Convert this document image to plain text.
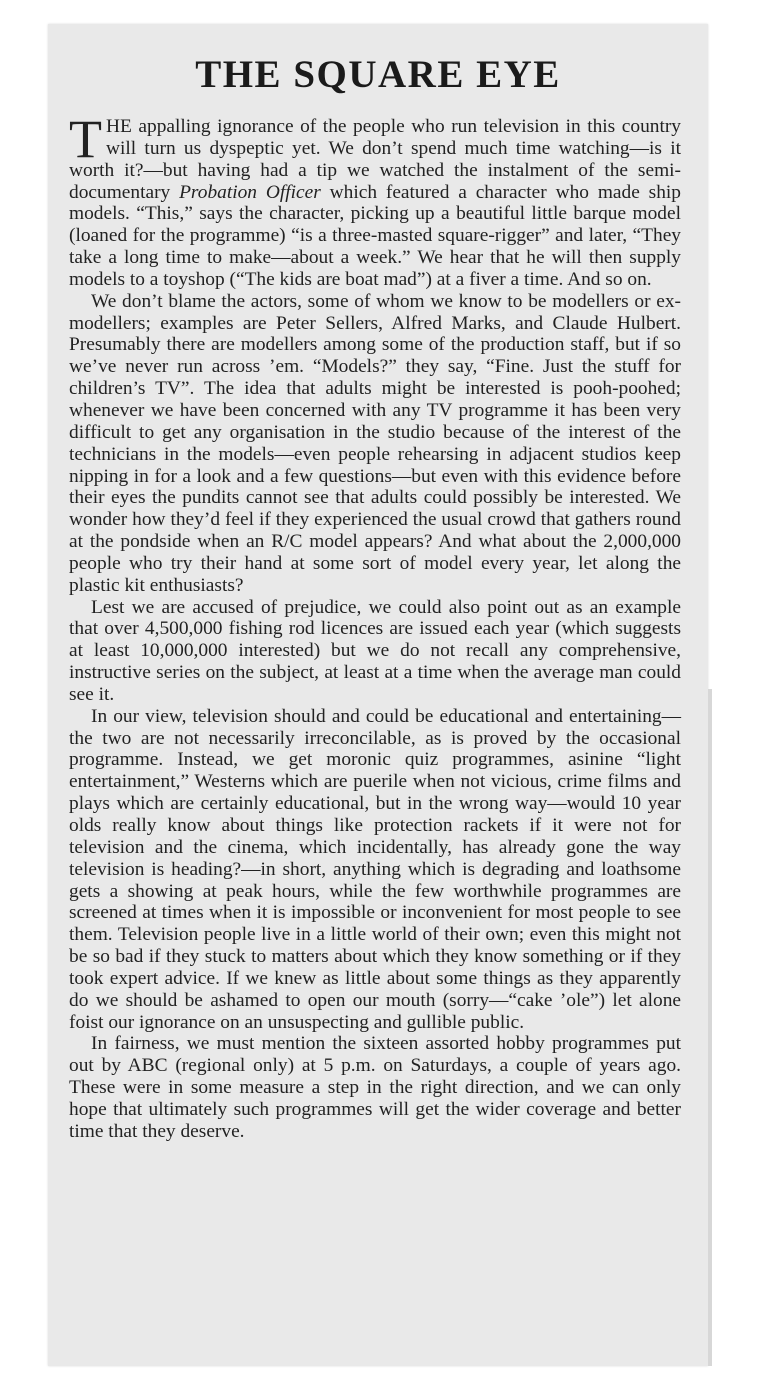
THE SQUARE EYE

THE appalling ignorance of the people who run television in this country will turn us dyspeptic yet. We don’t spend much time watching—is it worth it?—but having had a tip we watched the instalment of the semi-documentary Probation Officer which featured a character who made ship models. “This,” says the character, picking up a beautiful little barque model (loaned for the programme) “is a three-masted square-rigger” and later, “They take a long time to make—about a week.” We hear that he will then supply models to a toyshop (“The kids are boat mad”) at a fiver a time. And so on.

We don’t blame the actors, some of whom we know to be modellers or ex-modellers; examples are Peter Sellers, Alfred Marks, and Claude Hulbert. Presumably there are modellers among some of the production staff, but if so we’ve never run across ’em. “Models?” they say, “Fine. Just the stuff for children’s TV”. The idea that adults might be interested is pooh-poohed; whenever we have been concerned with any TV programme it has been very difficult to get any organisation in the studio because of the interest of the technicians in the models—even people rehearsing in adjacent studios keep nipping in for a look and a few questions—but even with this evidence before their eyes the pundits cannot see that adults could possibly be interested. We wonder how they’d feel if they experienced the usual crowd that gathers round at the pondside when an R/C model appears? And what about the 2,000,000 people who try their hand at some sort of model every year, let along the plastic kit enthusiasts?

Lest we are accused of prejudice, we could also point out as an example that over 4,500,000 fishing rod licences are issued each year (which suggests at least 10,000,000 interested) but we do not recall any comprehensive, instructive series on the subject, at least at a time when the average man could see it.

In our view, television should and could be educational and entertaining—the two are not necessarily irreconcilable, as is proved by the occasional programme. Instead, we get moronic quiz programmes, asinine “light entertainment,” Westerns which are puerile when not vicious, crime films and plays which are certainly educational, but in the wrong way—would 10 year olds really know about things like protection rackets if it were not for television and the cinema, which incidentally, has already gone the way television is heading?—in short, anything which is degrading and loathsome gets a showing at peak hours, while the few worthwhile programmes are screened at times when it is impossible or inconvenient for most people to see them. Television people live in a little world of their own; even this might not be so bad if they stuck to matters about which they know something or if they took expert advice. If we knew as little about some things as they apparently do we should be ashamed to open our mouth (sorry—“cake ’ole”) let alone foist our ignorance on an unsuspecting and gullible public.

In fairness, we must mention the sixteen assorted hobby programmes put out by ABC (regional only) at 5 p.m. on Saturdays, a couple of years ago. These were in some measure a step in the right direction, and we can only hope that ultimately such programmes will get the wider coverage and better time that they deserve.
